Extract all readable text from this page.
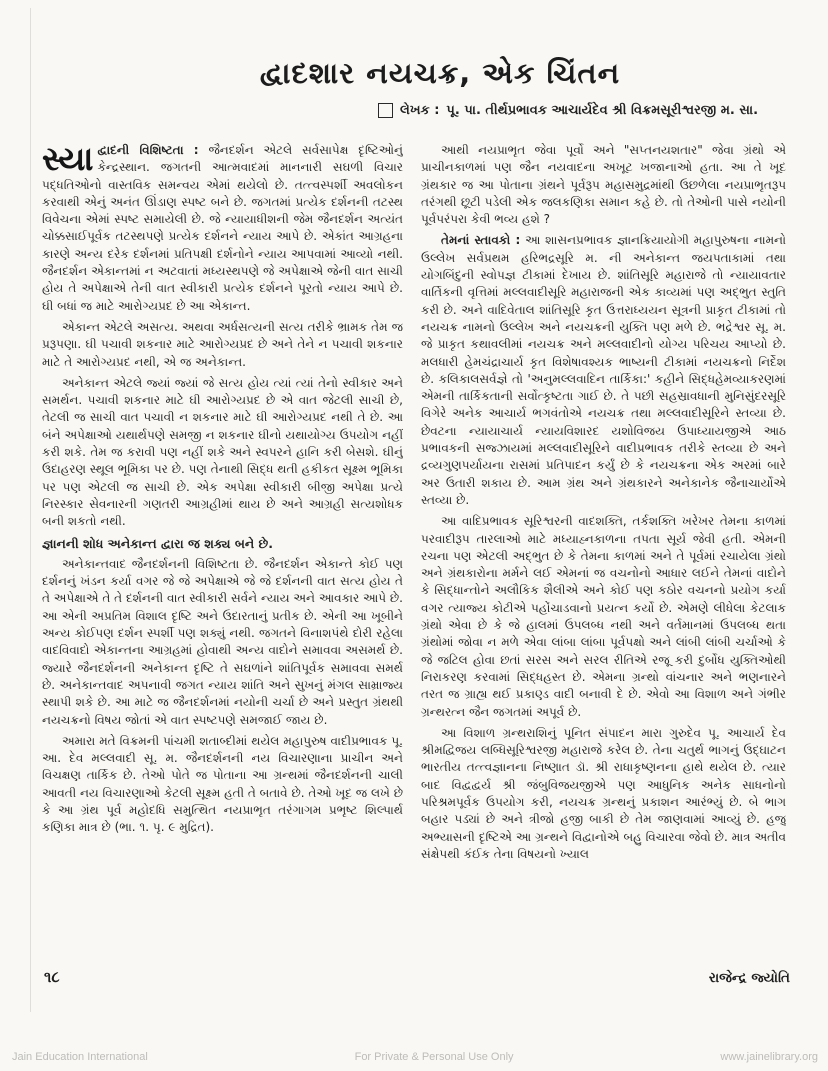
દ્વાદશાર નયચક્ર, એક ચિંતન
લેખક : પૂ. પા. તીર્થપ્રભાવક આચાર્યદેવ શ્રી વિક્રમસૂરીશ્વરજી મ. સા.

સ્યા દ્વાદની વિશિષ્ટતા : જૈનદર્શન એટલે સર્વસાપેક્ષ દૃષ્ટિઓનું કેન્દ્રસ્થાન. જગતની આત્મવાદમાં માનનારી સઘળી વિચાર પદ્ધતિઓનો વાસ્તવિક સમન્વય એમાં થયેલો છે. તત્ત્વસ્પર્શી અવલોકન કરવાથી એનું અનંત ઊંડાણ સ્પષ્ટ બને છે. જગતમાં પ્રત્યેક દર્શનની તટસ્થ વિવેચના એમાં સ્પષ્ટ સમાયેલી છે. જે ન્યાયાધીશની જેમ જૈનદર્શન અત્યંત ચોક્કસાઈપૂર્વક તટસ્થપણે પ્રત્યેક દર્શનને ન્યાય આપે છે. એકાંત આગ્રહના કારણે અન્ય દરેક દર્શનમાં પ્રતિપક્ષી દર્શનોને ન્યાય આપવામાં આવ્યો નથી. જૈનદર્શન એકાન્તમાં ન અટવાતાં મધ્યસ્થપણે જે અપેક્ષાએ જેની વાત સાચી હોય તે અપેક્ષાએ તેની વાત સ્વીકારી પ્રત્યેક દર્શનને પૂરતો ન્યાય આપે છે. ઘી બધાં જ માટે આરોગ્યપ્રદ છે આ એકાન્ત.

એકાન્ત એટલે અસત્ય. અથવા અર્ધસત્યની સત્ય તરીકે ભ્રામક તેમ જ પ્રરૂપણા. ઘી પચાવી શકનાર માટે આરોગ્યપ્રદ છે અને તેને ન પચાવી શકનાર માટે તે આરોગ્યપ્રદ નથી, એ જ અનેકાન્ત.

અનેકાન્ત એટલે જ્યાં જ્યાં જે સત્ય હોય ત્યાં ત્યાં તેનો સ્વીકાર અને સમર્થન. પચાવી શકનાર માટે ઘી આરોગ્યપ્રદ છે એ વાત જેટલી સાચી છે, તેટલી જ સાચી વાત પચાવી ન શકનાર માટે ઘી આરોગ્યપ્રદ નથી તે છે. આ બંને અપેક્ષાઓ યથાર્થપણે સમજી ન શકનાર ઘીનો યથાયોગ્ય ઉપયોગ નહીં કરી શકે. તેમ જ કરાવી પણ નહીં શકે અને સ્વપરને હાનિ કરી બેસશે. ઘીનું ઉદાહરણ સ્થૂલ ભૂમિકા પર છે. પણ તેનાથી સિદ્ધ થતી હકીકત સૂક્ષ્મ ભૂમિકા પર પણ એટલી જ સાચી છે. એક અપેક્ષા સ્વીકારી બીજી અપેક્ષા પ્રત્યે નિરસ્કાર સેવનારની ગણતરી આગ્રહીમાં થાય છે અને આગ્રહી સત્યશોધક બની શકતો નથી.

જ્ઞાનની શોધ અનેકાન્ત દ્વારા જ શક્ય બને છે.

અનેકાન્તવાદ જૈનદર્શનની વિશિષ્ટતા છે. જૈનદર્શન એકાન્તે કોઈ પણ દર્શનનું ખંડન કર્યા વગર જે જે અપેક્ષાએ જે જે દર્શનની વાત સત્ય હોય તે તે અપેક્ષાએ તે તે દર્શનની વાત સ્વીકારી સર્વને ન્યાય અને આવકાર આપે છે. આ એની અપ્રતિમ વિશાલ દૃષ્ટિ અને ઉદારતાનું પ્રતીક છે. એની આ ખૂબીને અન્ય કોઈપણ દર્શન સ્પર્શી પણ શક્યું નથી. જગતને વિનાશપંથે દોરી રહેલા વાદવિવાદો એકાન્તના આગ્રહમાં હોવાથી અન્ય વાદોને સમાવવા અસમર્થ છે. જ્યારે જૈનદર્શનની અનેકાન્ત દૃષ્ટિ તે સઘળાંને શાંતિપૂર્વક સમાવવા સમર્થ છે. અનેકાન્તવાદ અપનાવી જગત ન્યાય શાંતિ અને સુખનું મંગલ સામ્રાજ્ય સ્થાપી શકે છે. આ માટે જ જૈનદર્શનમાં નયોની ચર્ચા છે અને પ્રસ્તુત ગ્રંથથી નયચક્રનો વિષય જોતાં એ વાત સ્પષ્ટપણે સમજાઈ જાય છે.

અમારા મતે વિક્રમની પાંચમી શતાબ્દીમાં થયેલ મહાપુરુષ વાદીપ્રભાવક પૂ. આ. દેવ મલ્લવાદી સૂ. મ. જૈનદર્શનની નય વિચારણાના પ્રાચીન અને વિચક્ષણ તાર્કિક છે. તેઓ પોતે જ પોતાના આ ગ્રન્થમાં જૈનદર્શનની ચાલી આવતી નય વિચારણાઓ કેટલી સૂક્ષ્મ હતી તે બતાવે છે. તેઓ ખૂદ જ લખે છે કે આ ગ્રંથ પૂર્વ મહોદધિ સમુત્થિત નયપ્રાભૃત તરંગાગમ પ્રભૃષ્ટ શિલ્પાર્થ કણિકા માત્ર છે (ભા. ૧. પૃ. ૯ મુદ્રિત).

આથી નયપ્રાભૃત જેવા પૂર્વો અને "સપ્તનયશતાર" જેવા ગ્રંથો એ પ્રાચીનકાળમાં પણ જૈન નયવાદના અખૂટ ખજાનાઓ હતા. આ તે ખૂદ ગ્રંથકાર જ આ પોતાના ગ્રંથને પૂર્વરૂપ મહાસમુદ્રમાંથી ઉછળેલા નયપ્રાભૃતરૂપ તરંગથી છૂટી પડેલી એક જલકણિકા સમાન કહે છે. તો તેઓની પાસે નયોની પૂર્વપરંપરા કેવી ભવ્ય હશે ?

તેમનાં સ્તાવકો : આ શાસનપ્રભાવક જ્ઞાનક્રિયાયોગી મહાપુરુષના નામનો ઉલ્લેખ સર્વપ્રથમ હરિભદ્રસૂરિ મ. ની અનેકાન્ત જયપતાકામાં તથા યોગબિંદુની સ્વોપજ્ઞ ટીકામાં દેખાય છે. શાંતિસૂરિ મહારાજે તો ન્યાયાવતાર વાર્તિકની વૃત્તિમાં મલ્લવાદીસૂરિ મહારાજની એક કાવ્યમાં પણ અદ્ભુત સ્તુતિ કરી છે. અને વાદિવેતાલ શાંતિસૂરિ કૃત ઉત્તરાધ્યયન સૂત્રની પ્રાકૃત ટીકામાં તો નયચક્ર નામનો ઉલ્લેખ અને નયચક્રની યુક્તિ પણ મળે છે. ભદ્રેશ્વર સૂ. મ. જે પ્રાકૃત કથાવલીમાં નયચક્ર અને મલ્લવાદીનો યોગ્ય પરિચય આપ્યો છે. મલધારી હેમચંદ્રાચાર્ય કૃત વિશેષાવશ્યક ભાષ્યની ટીકામાં નયચક્રનો નિર્દેશ છે. કલિકાલસર્વજ્ઞે તો 'અનુમલ્લવાદિન તાર્કિકા:' કહીને સિદ્ધહેમવ્યાકરણમાં એમની તાર્કિકતાની સર્વોત્કૃષ્ટતા ગાઈ છે. તે પછી સહસ્રાવધાની મુનિસુંદરસૂરિ વિગેરે અનેક આચાર્ય ભગવંતોએ નયચક્ર તથા મલ્લવાદીસૂરિને સ્તવ્યા છે. છેવટના ન્યાયાચાર્ય ન્યાયવિશારદ યશોવિજય ઉપાધ્યાયજીએ આઠ પ્રભાવકની સજ્ઝાયમાં મલ્લવાદીસૂરિને વાદીપ્રભાવક તરીકે સ્તવ્યા છે અને દ્રવ્યગુણપર્યાયના રાસમાં પ્રતિપાદન કર્યું છે કે નયચક્રના એક અરમાં બારે અર ઉતારી શકાય છે. આમ ગ્રંથ અને ગ્રંથકારને અનેકાનેક જૈનાચાર્યોએ સ્તવ્યા છે.

આ વાદિપ્રભાવક સૂરિશ્વરની વાદશક્તિ, તર્કશક્તિ ખરેખર તેમના કાળમાં પરવાદીરૂપ તારલાઓ માટે મધ્યાહ્નકાળના તપતા સૂર્ય જેવી હતી. એમની રચના પણ એટલી અદ્ભુત છે કે તેમના કાળમાં અને તે પૂર્વમાં રચાયેલા ગ્રંથો અને ગ્રંથકારોના મર્મને લઈ એમનાં જ વચનોનો આધાર લઈને તેમનાં વાદોને કે સિદ્ધાન્તોને અલૌકિક શૈલીએ અને કોઈ પણ કઠોર વચનનો પ્રયોગ કર્યા વગર ત્યાજ્ય કોટીએ પહોંચાડવાનો પ્રયત્ન કર્યો છે. એમણે લીધેલા કેટલાક ગ્રંથો એવા છે કે જે હાલમાં ઉપલબ્ધ નથી અને વર્તમાનમાં ઉપલબ્ધ થતા ગ્રંથોમાં જોવા ન મળે એવા લાંબા લાંબા પૂર્વપક્ષો અને લાંબી લાંબી ચર્ચાઓ કે જે જટિલ હોવા છતાં સરસ અને સરલ રીતિએ રજૂ કરી દુર્બોધ યુક્તિઓથી નિરાકરણ કરવામાં સિદ્ધહસ્ત છે. એમના ગ્રન્થો વાંચનાર અને ભણનારને તરત જ ગ્રાહ્ય થઈ પ્રકાણ્ડ વાદી બનાવી દે છે. એવો આ વિશાળ અને ગંભીર ગ્રન્થરત્ન જૈન જગતમાં અપૂર્વ છે.

આ વિશાળ ગ્રન્થરાશિનું પૂનિત સંપાદન મારા ગુરુદેવ પૂ. આચાર્ય દેવ શ્રીમદ્વિજય લબ્ધિસૂરિશ્વરજી મહારાજે કરેલ છે. તેના ચતુર્થ ભાગનું ઉદ્ઘાટન ભારતીય તત્ત્વજ્ઞાનના નિષ્ણાત ડૉ. શ્રી રાધાકૃષ્ણનના હાથે થયેલ છે. ત્યાર બાદ વિદ્વદ્વર્ય શ્રી જંબુવિજયજીએ પણ આધુનિક અનેક સાધનોનો પરિશ્રમપૂર્વક ઉપયોગ કરી, નયચક્ર ગ્રન્થનું પ્રકાશન આરંભ્યું છે. બે ભાગ બહાર પડ્યાં છે અને ત્રીજો હજી બાકી છે તેમ જાણવામાં આવ્યું છે. હજુ અભ્યાસની દૃષ્ટિએ આ ગ્રન્થને વિદ્વાનોએ બહુ વિચારવા જેવો છે. માત્ર અતીવ સંક્ષેપથી કંઈક તેના વિષયનો ખ્યાલ

૧૮	રાજેન્દ્ર જ્યોતિ
Jain Education International	For Private & Personal Use Only	www.jainelibrary.org
